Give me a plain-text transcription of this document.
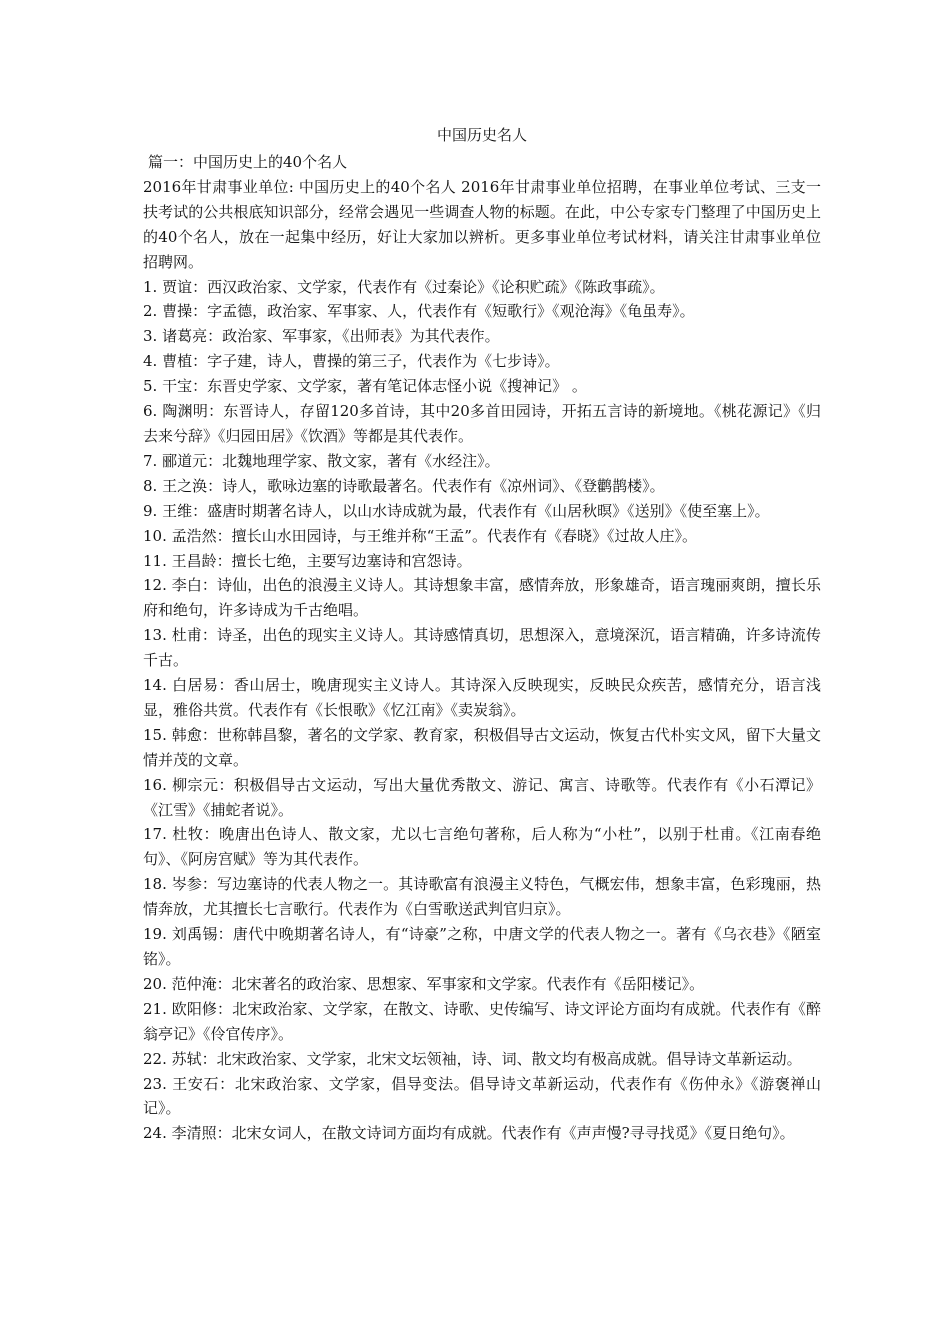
中国历史名人

篇一：中国历史上的40个名人

2016年甘肃事业单位: 中国历史上的40个名人 2016年甘肃事业单位招聘，在事业单位考试、三支一扶考试的公共根底知识部分，经常会遇见一些调查人物的标题。在此，中公专家专门整理了中国历史上的40个名人，放在一起集中经历，好让大家加以辨析。更多事业单位考试材料，请关注甘肃事业单位招聘网。

1. 贾谊：西汉政治家、文学家，代表作有《过秦论》《论积贮疏》《陈政事疏》。

2. 曹操：字孟德，政治家、军事家、人，代表作有《短歌行》《观沧海》《龟虽寿》。

3. 诸葛亮：政治家、军事家，《出师表》为其代表作。

4. 曹植：字子建，诗人，曹操的第三子，代表作为《七步诗》。

5. 干宝：东晋史学家、文学家，著有笔记体志怪小说《搜神记》 。

6. 陶渊明：东晋诗人，存留120多首诗，其中20多首田园诗，开拓五言诗的新境地。《桃花源记》《归去来兮辞》《归园田居》《饮酒》等都是其代表作。

7. 郦道元：北魏地理学家、散文家，著有《水经注》。

8. 王之涣：诗人，歌咏边塞的诗歌最著名。代表作有《凉州词》、《登鹳鹊楼》。

9. 王维：盛唐时期著名诗人，以山水诗成就为最，代表作有《山居秋暝》《送别》《使至塞上》。

10. 孟浩然：擅长山水田园诗，与王维并称“王孟”。代表作有《春晓》《过故人庄》。

11. 王昌龄：擅长七绝，主要写边塞诗和宫怨诗。

12. 李白：诗仙，出色的浪漫主义诗人。其诗想象丰富，感情奔放，形象雄奇，语言瑰丽爽朗，擅长乐府和绝句，许多诗成为千古绝唱。

13. 杜甫：诗圣，出色的现实主义诗人。其诗感情真切，思想深入，意境深沉，语言精确，许多诗流传千古。

14. 白居易：香山居士，晚唐现实主义诗人。其诗深入反映现实，反映民众疾苦，感情充分，语言浅显，雅俗共赏。代表作有《长恨歌》《忆江南》《卖炭翁》。

15. 韩愈：世称韩昌黎，著名的文学家、教育家，积极倡导古文运动，恢复古代朴实文风，留下大量文情并茂的文章。

16. 柳宗元：积极倡导古文运动，写出大量优秀散文、游记、寓言、诗歌等。代表作有《小石潭记》《江雪》《捕蛇者说》。

17. 杜牧：晚唐出色诗人、散文家，尤以七言绝句著称，后人称为“小杜”，以别于杜甫。《江南春绝句》、《阿房宫赋》等为其代表作。

18. 岑参：写边塞诗的代表人物之一。其诗歌富有浪漫主义特色，气概宏伟，想象丰富，色彩瑰丽，热情奔放，尤其擅长七言歌行。代表作为《白雪歌送武判官归京》。

19. 刘禹锡：唐代中晚期著名诗人，有“诗豪”之称，中唐文学的代表人物之一。著有《乌衣巷》《陋室铭》。

20. 范仲淹：北宋著名的政治家、思想家、军事家和文学家。代表作有《岳阳楼记》。

21. 欧阳修：北宋政治家、文学家，在散文、诗歌、史传编写、诗文评论方面均有成就。代表作有《醉翁亭记》《伶官传序》。

22. 苏轼：北宋政治家、文学家，北宋文坛领袖，诗、词、散文均有极高成就。倡导诗文革新运动。

23. 王安石：北宋政治家、文学家，倡导变法。倡导诗文革新运动，代表作有《伤仲永》《游褒禅山记》。

24. 李清照：北宋女词人，在散文诗词方面均有成就。代表作有《声声慢?寻寻找觅》《夏日绝句》。
